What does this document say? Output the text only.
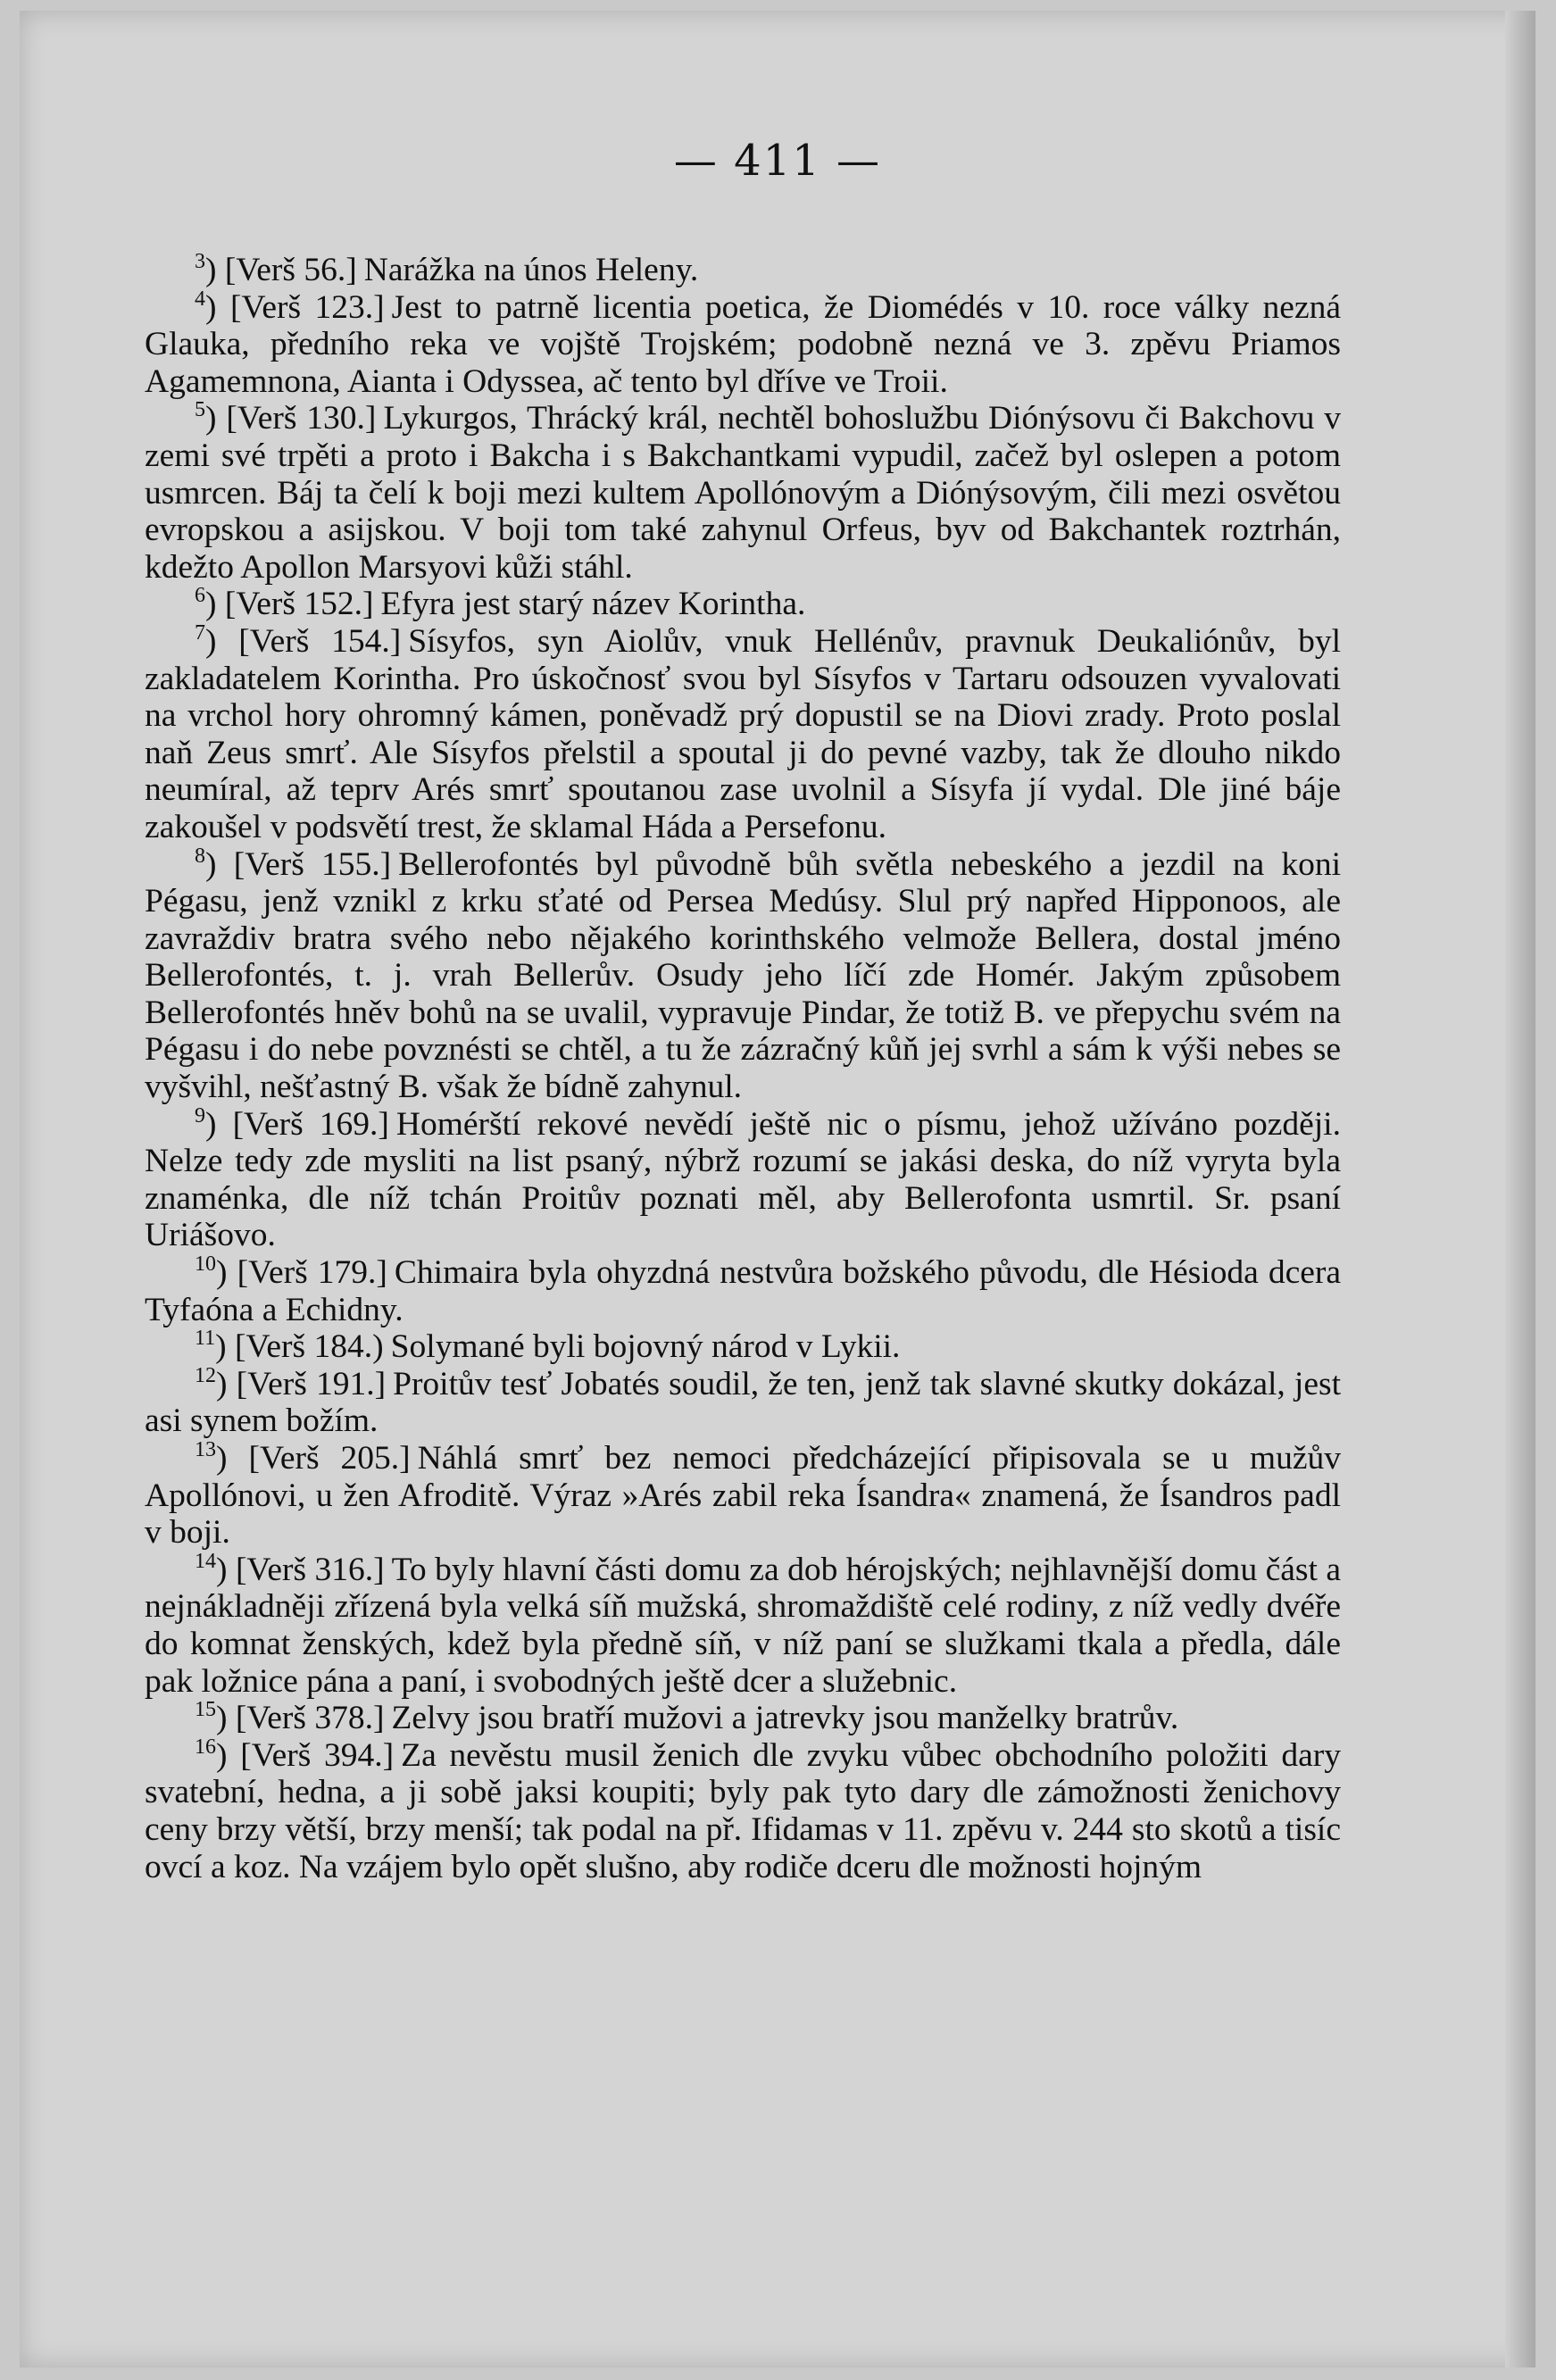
— 411 —

$^3$) [Verš 56.] Narážka na únos Heleny.

$^4$) [Verš 123.] Jest to patrně licentia poetica, že Diomédés v 10. roce války nezná Glauka, předního reka ve vojště Trojském; podobně nezná ve 3. zpěvu Priamos Agamemnona, Aianta i Odyssea, ač tento byl dříve ve Troii.

$^5$) [Verš 130.] Lykurgos, Thrácký král, nechtěl bohoslužbu Diónýsovu či Bakchovu v zemi své trpěti a proto i Bakcha i s Bakchantkami vypudil, začež byl oslepen a potom usmrcen. Báj ta čelí k boji mezi kultem Apollónovým a Diónýsovým, čili mezi osvětou evropskou a asijskou. V boji tom také zahynul Orfeus, byv od Bakchantek roztrhán, kdežto Apollon Marsyovi kůži stáhl.

$^6$) [Verš 152.] Efyra jest starý název Korintha.

$^7$) [Verš 154.] Sísyfos, syn Aiolův, vnuk Hellénův, pravnuk Deukaliónův, byl zakladatelem Korintha. Pro úskočnosť svou byl Sísyfos v Tartaru odsouzen vyvalovati na vrchol hory ohromný kámen, poněvadž prý dopustil se na Diovi zrady. Proto poslal naň Zeus smrť. Ale Sísyfos přelstil a spoutal ji do pevné vazby, tak že dlouho nikdo neumíral, až teprv Arés smrť spoutanou zase uvolnil a Sísyfa jí vydal. Dle jiné báje zakoušel v podsvětí trest, že sklamal Háda a Persefonu.

$^8$) [Verš 155.] Bellerofontés byl původně bůh světla nebeského a jezdil na koni Pégasu, jenž vznikl z krku sťaté od Persea Medúsy. Slul prý napřed Hipponoos, ale zavraždiv bratra svého nebo nějakého korinthského velmože Bellera, dostal jméno Bellerofontés, t. j. vrah Bellerův. Osudy jeho líčí zde Homér. Jakým způsobem Bellerofontés hněv bohů na se uvalil, vypravuje Pindar, že totiž B. ve přepychu svém na Pégasu i do nebe povznésti se chtěl, a tu že zázračný kůň jej svrhl a sám k výši nebes se vyšvihl, nešťastný B. však že bídně zahynul.

$^9$) [Verš 169.] Homérští rekové nevědí ještě nic o písmu, jehož užíváno později. Nelze tedy zde mysliti na list psaný, nýbrž rozumí se jakási deska, do níž vyryta byla znaménka, dle níž tchán Proitův poznati měl, aby Bellerofonta usmrtil. Sr. psaní Uriášovo.

$^{10}$) [Verš 179.] Chimaira byla ohyzdná nestvůra božského původu, dle Hésioda dcera Tyfaóna a Echidny.

$^{11}$) [Verš 184.) Solymané byli bojovný národ v Lykii.

$^{12}$) [Verš 191.] Proitův tesť Jobatés soudil, že ten, jenž tak slavné skutky dokázal, jest asi synem božím.

$^{13}$) [Verš 205.] Náhlá smrť bez nemoci předcházející připisovala se u mužův Apollónovi, u žen Afroditě. Výraz »Arés zabil reka Ísandra« znamená, že Ísandros padl v boji.

$^{14}$) [Verš 316.] To byly hlavní části domu za dob hérojských; nejhlavnější domu část a nejnákladněji zřízená byla velká síň mužská, shromaždiště celé rodiny, z níž vedly dvéře do komnat ženských, kdež byla předně síň, v níž paní se služkami tkala a předla, dále pak ložnice pána a paní, i svobodných ještě dcer a služebnic.

$^{15}$) [Verš 378.] Zelvy jsou bratří mužovi a jatrevky jsou manželky bratrův.

$^{16}$) [Verš 394.] Za nevěstu musil ženich dle zvyku vůbec obchodního položiti dary svatební, hedna, a ji sobě jaksi koupiti; byly pak tyto dary dle zámožnosti ženichovy ceny brzy větší, brzy menší; tak podal na př. Ifidamas v 11. zpěvu v. 244 sto skotů a tisíc ovcí a koz. Na vzájem bylo opět slušno, aby rodiče dceru dle možnosti hojným
